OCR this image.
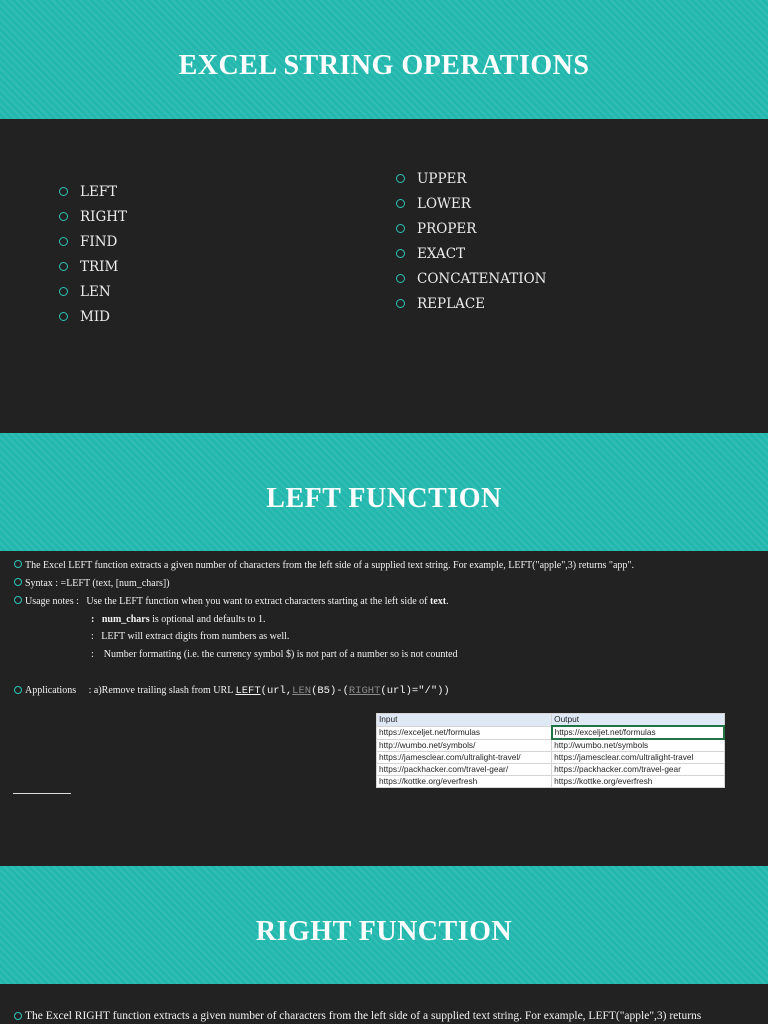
EXCEL STRING OPERATIONS
LEFT
RIGHT
FIND
TRIM
LEN
MID
UPPER
LOWER
PROPER
EXACT
CONCATENATION
REPLACE
LEFT FUNCTION
The Excel LEFT function extracts a given number of characters from the left side of a supplied text string. For example, LEFT("apple",3) returns "app".
Syntax : =LEFT (text, [num_chars])
Usage notes :   Use the LEFT function when you want to extract characters starting at the left side of text.
:   num_chars is optional and defaults to 1.
:   LEFT will extract digits from numbers as well.
:    Number formatting (i.e. the currency symbol $) is not part of a number so is not counted
Applications     : a)Remove trailing slash from URL LEFT(url,LEN(B5)-(RIGHT(url)="/"))
Input	Output
https://exceljet.net/formulas	https://exceljet.net/formulas
http://wumbo.net/symbols/	http://wumbo.net/symbols
https://jamesclear.com/ultralight-travel/	https://jamesclear.com/ultralight-travel
https://packhacker.com/travel-gear/	https://packhacker.com/travel-gear
https://kottke.org/everfresh	https://kottke.org/everfresh
RIGHT FUNCTION
The Excel RIGHT function extracts a given number of characters from the left side of a supplied text string. For example, LEFT("apple",3) returns
